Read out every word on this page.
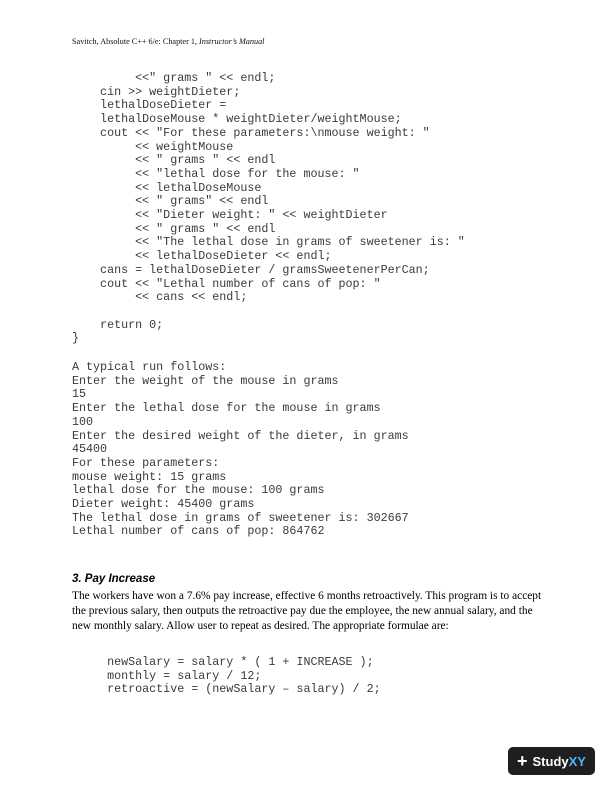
Savitch, Absolute C++ 6/e: Chapter 1, Instructor’s Manual
<<" grams " << endl;
cin >> weightDieter;
lethalDoseDieter =
lethalDoseMouse * weightDieter/weightMouse;
cout << "For these parameters:\nmouse weight: "
<< weightMouse
<< " grams " << endl
<< "lethal dose for the mouse: "
<< lethalDoseMouse
<< " grams" << endl
<< "Dieter weight: " << weightDieter
<< " grams " << endl
<< "The lethal dose in grams of sweetener is: "
<< lethalDoseDieter << endl;
cans = lethalDoseDieter / gramsSweetenerPerCan;
cout << "Lethal number of cans of pop: "
<< cans << endl;

return 0;
}
A typical run follows:
Enter the weight of the mouse in grams
15
Enter the lethal dose for the mouse in grams
100
Enter the desired weight of the dieter, in grams
45400
For these parameters:
mouse weight: 15 grams
lethal dose for the mouse: 100 grams
Dieter weight: 45400 grams
The lethal dose in grams of sweetener is: 302667
Lethal number of cans of pop: 864762
3. Pay Increase

The workers have won a 7.6% pay increase, effective 6 months retroactively. This program is to accept the previous salary, then outputs the retroactive pay due the employee, the new annual salary, and the new monthly salary. Allow user to repeat as desired. The appropriate formulae are:

newSalary = salary * ( 1 + INCREASE );
monthly = salary / 12;
retroactive = (newSalary – salary) / 2;
+ Study XY
